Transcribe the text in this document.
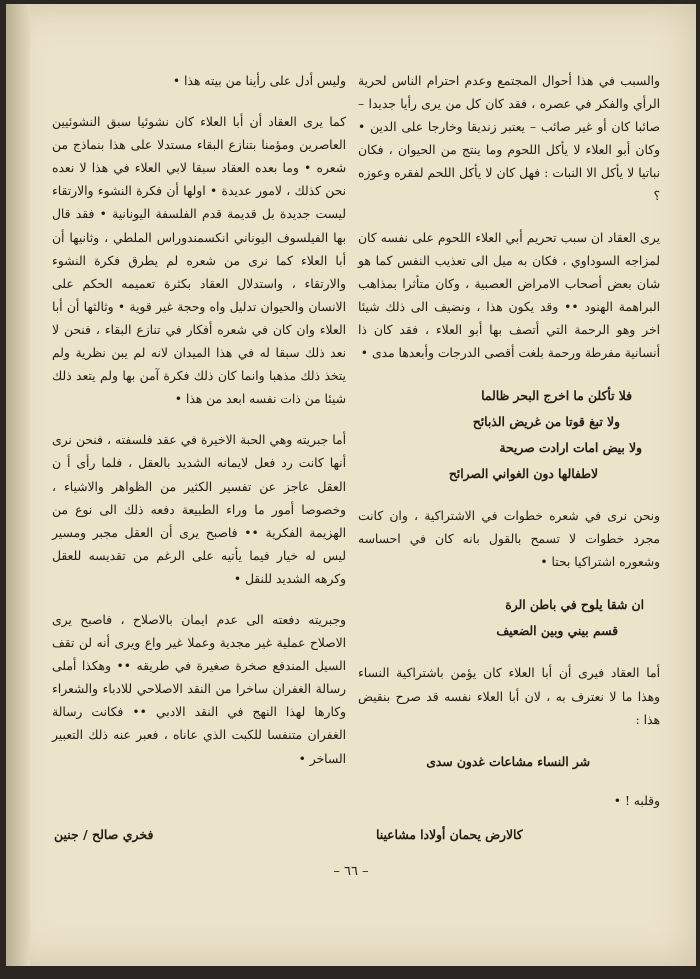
والسبب في هذا أحوال المجتمع وعدم احترام الناس لحرية الرأي والفكر في عصره ، فقد كان كل من يرى رأيا جديدا – صائبا كان أو غير صائب – يعتبر زنديقا وخارجا على الدين • وكان أبو العلاء لا يأكل اللحوم وما ينتج من الحيوان ، فكان نباتيا لا يأكل الا النبات : فهل كان لا يأكل اللحم لفقره وعوزه ؟

يرى العقاد ان سبب تحريم أبي العلاء اللحوم على نفسه كان لمزاجه السوداوي ، فكان به ميل الى تعذيب النفس كما هو شان بعض أصحاب الامراض العصبية ، وكان متأثرا بمذاهب البراهمة الهنود •• وقد يكون هذا ، ونضيف الى ذلك شيئا اخر وهو الرحمة التي أتصف بها أبو العلاء ، فقد كان ذا أنسانية مفرطة ورحمة بلغت أقصى الدرجات وأبعدها مدى •

فلا تأكلن ما اخرج البحر ظالما
ولا تبغ قوتا من غريض الذبائح
ولا بيض امات ارادت صريحة
لاطفالها دون الغواني الصرائح

ونحن نرى في شعره خطوات في الاشتراكية ، وان كانت مجرد خطوات لا تسمح بالقول بانه كان في احساسه وشعوره اشتراكيا بحتا •

ان شقا يلوح في باطن الرة
قسم بيني وبين الضعيف

أما العقاد فيرى أن أبا العلاء كان يؤمن باشتراكية النساء وهذا ما لا نعترف به ، لان أبا العلاء نفسه قد صرح بنقيض هذا :

شر النساء مشاعات غدون سدى

وقلبه ! •

وليس أدل على رأينا من بيته هذا •

كما يرى العقاد أن أبا العلاء كان نشوئيا سبق النشوئيين العاصرين ومؤمنا بتنازع البقاء مستدلا على هذا بنماذج من شعره • وما بعده العقاد سبقا لابي العلاء في هذا لا نعده نحن كذلك ، لامور عديدة • اولها أن فكرة النشوء والارتقاء ليست جديدة بل قديمة قدم الفلسفة اليونانية • فقد قال بها الفيلسوف اليوناني انكسمندوراس الملطي ، وثانيها أن أبا العلاء كما نرى من شعره لم يطرق فكرة النشوء والارتقاء ، واستدلال العقاد بكثرة تعميمه الحكم على الانسان والحيوان تدليل واه وحجة غير قوية • وثالثها أن أبا العلاء وان كان في شعره أفكار في تنازع البقاء ، فنحن لا نعد ذلك سبقا له في هذا الميدان لانه لم يبن نظرية ولم يتخذ ذلك مذهبا وانما كان ذلك فكرة آمن بها ولم يتعد ذلك شيئا من ذات نفسه ابعد من هذا •

أما جبريته وهي الحبة الاخيرة في عقد فلسفته ، فنحن نرى أنها كانت رد فعل لايمانه الشديد بالعقل ، فلما رأى أ ن العقل عاجز عن تفسير الكثير من الظواهر والاشياء ، وخصوصا أمور ما وراء الطبيعة دفعه ذلك الى نوع من الهزيمة الفكرية •• فاصبح يرى أن العقل مجبر ومسير ليس له خيار فيما يأتيه على الرغم من تقديسه للعقل وكرهه الشديد للنقل •

وجبريته دفعته الى عدم ايمان بالاصلاح ، فاصبح يرى الاصلاح عملية غير مجدية وعملا غير واع ويرى أنه لن تقف السيل المندفع صخرة صغيرة في طريقه •• وهكذا أملى رسالة الغفران ساخرا من النقد الاصلاحي للادباء والشعراء وكارها لهذا النهج في النقد الادبي •• فكانت رسالة الغفران متنفسا للكبت الذي عاناه ، فعبر عنه ذلك التعبير الساخر •

كالارض يحمان أولادا مشاعينا
فخري صالح / جنين
– ٦٦ –
